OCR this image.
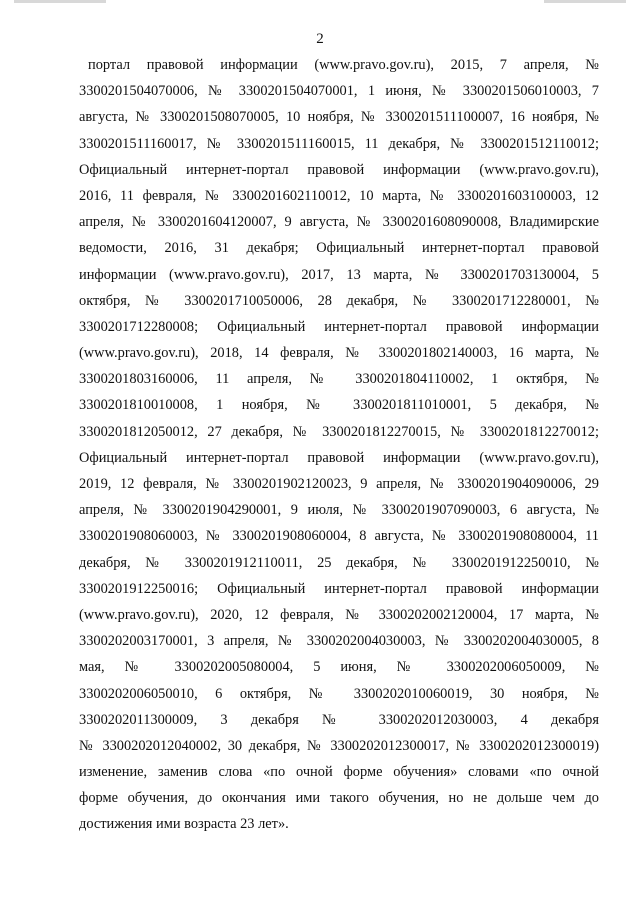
2
портал правовой информации (www.pravo.gov.ru), 2015, 7 апреля, №
3300201504070006, № 3300201504070001, 1 июня, № 3300201506010003, 7
августа, № 3300201508070005, 10 ноября, № 3300201511100007, 16 ноября, №
3300201511160017, № 3300201511160015, 11 декабря, № 3300201512110012;
Официальный интернет-портал правовой информации (www.pravo.gov.ru),
2016, 11 февраля, № 3300201602110012, 10 марта, № 3300201603100003, 12
апреля, № 3300201604120007, 9 августа, № 3300201608090008, Владимирские
ведомости, 2016, 31 декабря; Официальный интернет-портал правовой
информации (www.pravo.gov.ru), 2017, 13 марта, № 3300201703130004, 5
октября, № 3300201710050006, 28 декабря, № 3300201712280001, №
3300201712280008; Официальный интернет-портал правовой информации
(www.pravo.gov.ru), 2018, 14 февраля, № 3300201802140003, 16 марта, №
3300201803160006, 11 апреля, № 3300201804110002, 1 октября, №
3300201810010008, 1 ноября, № 3300201811010001, 5 декабря, №
3300201812050012, 27 декабря, № 3300201812270015, № 3300201812270012;
Официальный интернет-портал правовой информации (www.pravo.gov.ru),
2019, 12 февраля, № 3300201902120023, 9 апреля, № 3300201904090006, 29
апреля, № 3300201904290001, 9 июля, № 3300201907090003, 6 августа, №
3300201908060003, № 3300201908060004, 8 августа, № 3300201908080004, 11
декабря, № 3300201912110011, 25 декабря, № 3300201912250010, №
3300201912250016; Официальный интернет-портал правовой информации
(www.pravo.gov.ru), 2020, 12 февраля, № 3300202002120004, 17 марта, №
3300202003170001, 3 апреля, № 3300202004030003, № 3300202004030005, 8
мая, № 3300202005080004, 5 июня, № 3300202006050009, №
3300202006050010, 6 октября, № 3300202010060019, 30 ноября, №
3300202011300009, 3 декабря № 3300202012030003, 4 декабря
№ 3300202012040002, 30 декабря, № 3300202012300017, № 3300202012300019)
изменение, заменив слова «по очной форме обучения» словами «по очной
форме обучения, до окончания ими такого обучения, но не дольше чем до
достижения ими возраста 23 лет».
